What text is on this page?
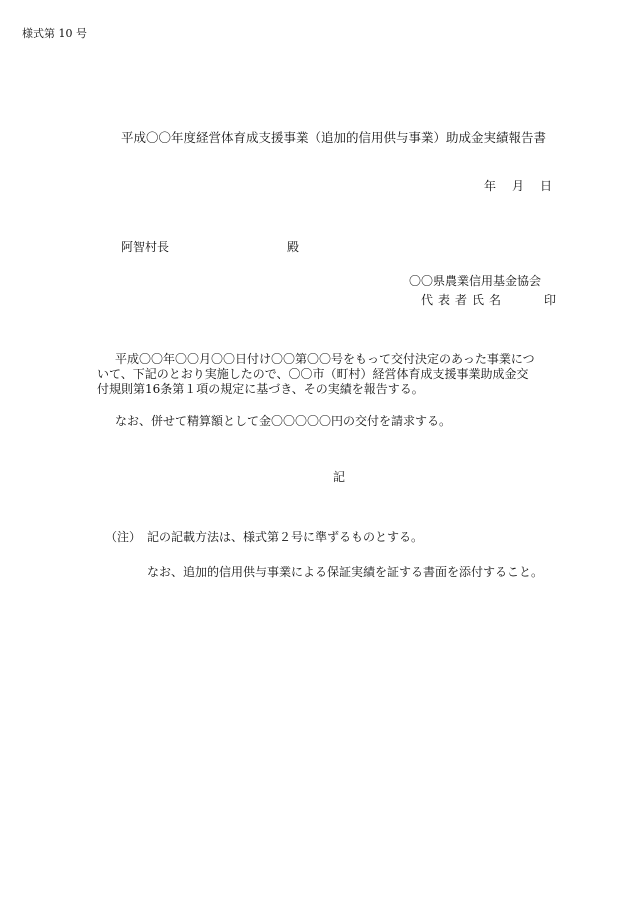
様式第 10 号
平成〇〇年度経営体育成支援事業（追加的信用供与事業）助成金実績報告書
年 月 日
阿智村長	殿
〇〇県農業信用基金協会
代表者氏名	印
平成〇〇年〇〇月〇〇日付け〇〇第〇〇号をもって交付決定のあった事業につ
いて、下記のとおり実施したので、〇〇市（町村）経営体育成支援事業助成金交
付規則第16条第１項の規定に基づき、その実績を報告する。
なお、併せて精算額として金〇〇〇〇〇円の交付を請求する。
記
（注） 記の記載方法は、様式第２号に準ずるものとする。
なお、追加的信用供与事業による保証実績を証する書面を添付すること。
